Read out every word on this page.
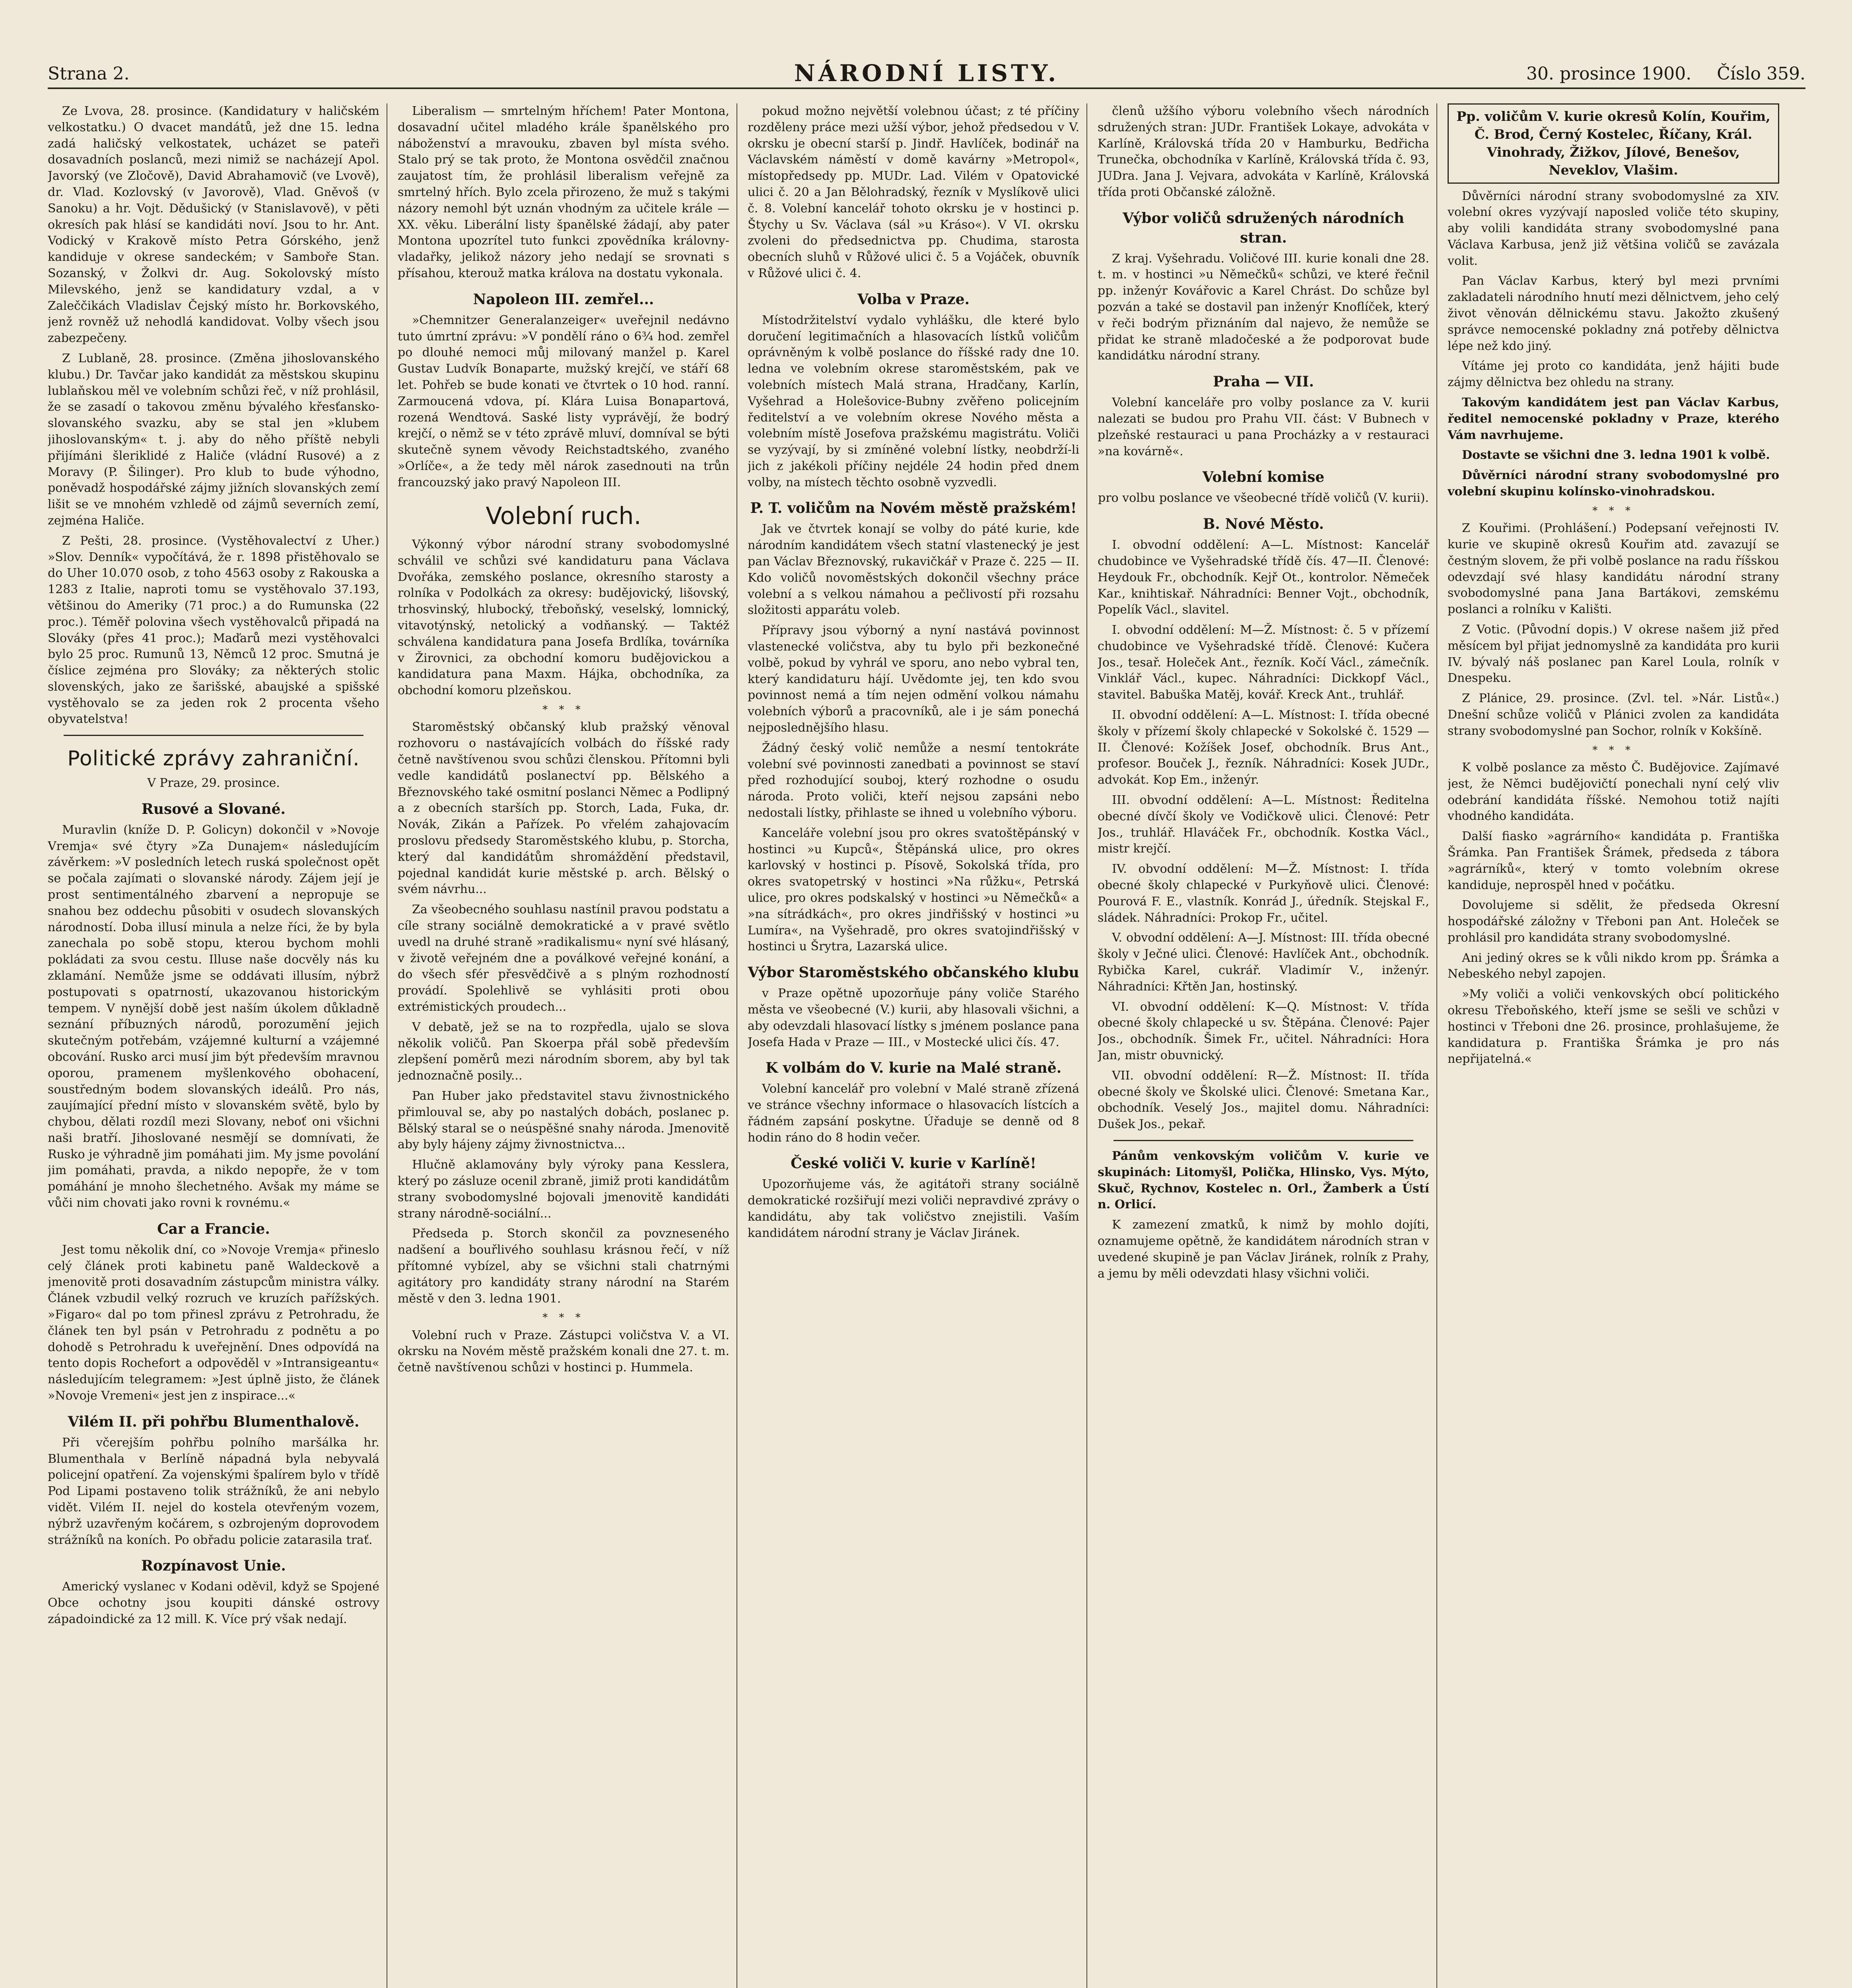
Strana 2.	NÁRODNÍ LISTY.	30. prosince 1900. Číslo 359.

Ze Lvova, 28. prosince. (Kandidatury v haličském velkostatku.) O dvacet mandátů, jež dne 15. ledna zadá haličský velkostatek, ucházet se pateři dosavadních poslanců, mezi nimiž se nacházejí Apol. Javorský (ve Zločově), David Abrahamovič (ve Lvově), dr. Vlad. Kozlovský (v Javorově), Vlad. Gněvoš (v Sanoku) a hr. Vojt. Dědušický (v Stanislavově), v pěti okresích pak hlásí se kandidáti noví. Jsou to hr. Ant. Vodický v Krakově místo Petra Górského, jenž kandiduje v okrese sandeckém; v Samboře Stan. Sozanský, v Žolkvi dr. Aug. Sokolovský místo Milevského, jenž se kandidatury vzdal, a v Zaleččikách Vladislav Čejský místo hr. Borkovského, jenž rovněž už nehodlá kandidovat. Volby všech jsou zabezpečeny.

Z Lublaně, 28. prosince. (Změna jihoslovanského klubu.) Dr. Tavčar jako kandidát za městskou skupinu lublaňskou měl ve volebním schůzi řeč, v níž prohlásil, že se zasadí o takovou změnu bývalého křesťansko-slovanského svazku, aby se stal jen »klubem jihoslovanským« t. j. aby do něho příště nebyli přijímáni šleriklidé z Haliče (vládní Rusové) a z Moravy (P. Šilinger). Pro klub to bude výhodno, poněvadž hospodářské zájmy jižních slovanských zemí lišit se ve mnohém vzhledě od zájmů severních zemí, zejména Haliče.

Z Pešti, 28. prosince. (Vystěhovalectví z Uher.) »Slov. Denník« vypočítává, že r. 1898 přistěhovalo se do Uher 10.070 osob, z toho 4563 osoby z Rakouska a 1283 z Italie, naproti tomu se vystěhovalo 37.193, většinou do Ameriky (71 proc.) a do Rumunska (22 proc.). Téměř polovina všech vystěhovalců připadá na Slováky (přes 41 proc.); Maďarů mezi vystěhovalci bylo 25 proc. Rumunů 13, Němců 12 proc. Smutná je číslice zejména pro Slováky; za některých stolic slovenských, jako ze šarišské, abaujské a spišské vystěhovalo se za jeden rok 2 procenta všeho obyvatelstva!

Politické zprávy zahraniční.
V Praze, 29. prosince.
Rusové a Slované.

Muravlin (kníže D. P. Golicyn) dokončil v »Novoje Vremja« své čtyry »Za Dunajem« následujícím závěrkem: »V posledních letech ruská společnost opět se počala zajímati o slovanské národy. Zájem její je prost sentimentálného zbarvení a nepropuje se snahou bez oddechu působiti v osudech slovanských národností. Doba illusí minula a nelze říci, že by byla zanechala po sobě stopu, kterou bychom mohli pokládati za svou cestu. Illuse naše docvěly nás ku zklamání. Nemůže jsme se oddávati illusím, nýbrž postupovati s opatrností, ukazovanou historickým tempem. V nynější době jest naším úkolem důkladně seznání příbuzných národů, porozumění jejich skutečným potřebám, vzájemné kulturní a vzájemné obcování. Rusko arci musí jim být především mravnou oporou, pramenem myšlenkového obohacení, soustředným bodem slovanských ideálů. Pro nás, zaujímající přední místo v slovanském světě, bylo by chybou, dělati rozdíl mezi Slovany, neboť oni všichni naši bratří. Jihoslované nesmějí se domnívati, že Rusko je výhradně jim pomáhati jim. My jsme povolání jim pomáhati, pravda, a nikdo nepopře, že v tom pomáhání je mnoho šlechetného. Avšak my máme se vůči nim chovati jako rovni k rovnému.«

Car a Francie.

Jest tomu několik dní, co »Novoje Vremja« přineslo celý článek proti kabinetu paně Waldeckově a jmenovitě proti dosavadním zástupcům ministra války. Článek vzbudil velký rozruch ve kruzích pařížských. »Figaro« dal po tom přinesl zprávu z Petrohradu, že článek ten byl psán v Petrohradu z podnětu a po dohodě s Petrohradu k uveřejnění. Dnes odpovídá na tento dopis Rochefort a odpověděl v »Intransigeantu« následujícím telegramem: »Jest úplně jisto, že článek »Novoje Vremeni« jest jen z inspirace...«

Vilém II. při pohřbu Blumenthalově.

Při včerejším pohřbu polního maršálka hr. Blumenthala v Berlíně nápadná byla nebyvalá policejní opatření. Za vojenskými špalírem bylo v třídě Pod Lipami postaveno tolik strážníků, že ani nebylo vidět. Vilém II. nejel do kostela otevřeným vozem, nýbrž uzavřeným kočárem, s ozbrojeným doprovodem strážníků na koních. Po obřadu policie zatarasila trať.

Rozpínavost Unie.

Americký vyslanec v Kodani oděvil, když se Spojené Obce ochotny jsou koupiti dánské ostrovy západoindické za 12 mill. K. Více prý však nedají.

Liberalism — smrtelným hříchem! Pater Montona, dosavadní učitel mladého krále španělského pro náboženství a mravouku, zbaven byl místa svého. Stalo prý se tak proto, že Montona osvědčil značnou zaujatost tím, že prohlásil liberalism veřejně za smrtelný hřích. Bylo zcela přirozeno, že muž s takými názory nemohl být uznán vhodným za učitele krále — XX. věku. Liberální listy španělské žádají, aby pater Montona upozrítel tuto funkci zpovědníka královny-vladařky, jelikož názory jeho nedají se srovnati s přísahou, kterouž matka králova na dostatu vykonala.

Napoleon III. zemřel...

»Chemnitzer Generalanzeiger« uveřejnil nedávno tuto úmrtní zprávu: »V pondělí ráno o 6¾ hod. zemřel po dlouhé nemoci můj milovaný manžel p. Karel Gustav Ludvík Bonaparte, mužský krejčí, ve stáří 68 let. Pohřeb se bude konati ve čtvrtek o 10 hod. ranní. Zarmoucená vdova, pí. Klára Luisa Bonapartová, rozená Wendtová. Saské listy vyprávějí, že bodrý krejčí, o němž se v této zprávě mluví, domníval se býti skutečně synem věvody Reichstadtského, zvaného »Orlíče«, a že tedy měl nárok zasednouti na trůn francouzský jako pravý Napoleon III.

Volební ruch.

Výkonný výbor národní strany svobodomyslné schválil ve schůzi své kandidaturu pana Václava Dvořáka, zemského poslance, okresního starosty a rolníka v Podolkách za okresy: budějovický, lišovský, trhosvinský, hlubocký, třeboňský, veselský, lomnický, vitavotýnský, netolický a vodňanský. — Taktéž schválena kandidatura pana Josefa Brdlíka, továrníka v Žirovnici, za obchodní komoru budějovickou a kandidatura pana Maxm. Hájka, obchodníka, za obchodní komoru plzeňskou.

* * *

Staroměstský občanský klub pražský věnoval rozhovoru o nastávajících volbách do říšské rady četně navštívenou svou schůzi členskou. Přítomni byli vedle kandidátů poslanectví pp. Bělského a Březnovského také osmitní poslanci Němec a Podlipný a z obecních starších pp. Storch, Lada, Fuka, dr. Novák, Zikán a Pařízek. Po vřelém zahajovacím proslovu předsedy Staroměstského klubu, p. Storcha, který dal kandidátům shromáždění představil, pojednal kandidát kurie městské p. arch. Bělský o svém návrhu...

Za všeobecného souhlasu nastínil pravou podstatu a cíle strany sociálně demokratické a v pravé světlo uvedl na druhé straně »radikalismu« nyní své hlásaný, v životě veřejném dne a poválkové veřejné konání, a do všech sfér přesvědčivě a s plným rozhodností provádí. Spolehlivě se vyhlásiti proti obou extrémistických proudech...

V debatě, jež se na to rozpředla, ujalo se slova několik voličů. Pan Skoerpa přál sobě především zlepšení poměrů mezi národním sborem, aby byl tak jednoznačně posily...

Pan Huber jako představitel stavu živnostnického přimlouval se, aby po nastalých dobách, poslanec p. Bělský staral se o neúspěšné snahy národa. Jmenovitě aby byly hájeny zájmy živnostnictva...

Hlučně aklamovány byly výroky pana Kesslera, který po zásluze ocenil zbraně, jimiž proti kandidátům strany svobodomyslné bojovali jmenovitě kandidáti strany národně-sociální...

Předseda p. Storch skončil za povzneseného nadšení a bouřlivého souhlasu krásnou řečí, v níž přítomné vybízel, aby se všichni stali chatrnými agitátory pro kandidáty strany národní na Starém městě v den 3. ledna 1901.

* * *

Volební ruch v Praze. Zástupci voličstva V. a VI. okrsku na Novém městě pražském konali dne 27. t. m. četně navštívenou schůzi v hostinci p. Hummela.

pokud možno největší volebnou účast; z té příčiny rozděleny práce mezi užší výbor, jehož předsedou v V. okrsku je obecní starší p. Jindř. Havlíček, bodinář na Václavském náměstí v domě kavárny »Metropol«, místopředsedy pp. MUDr. Lad. Vilém v Opatovické ulici č. 20 a Jan Bělohradský, řezník v Myslíkově ulici č. 8. Volební kancelář tohoto okrsku je v hostinci p. Štychy u Sv. Václava (sál »u Kráso«). V VI. okrsku zvoleni do předsednictva pp. Chudima, starosta obecních sluhů v Růžové ulici č. 5 a Vojáček, obuvník v Růžové ulici č. 4.

Volba v Praze.

Místodržitelství vydalo vyhlášku, dle které bylo doručení legitimačních a hlasovacích lístků voličům oprávněným k volbě poslance do říšské rady dne 10. ledna ve volebním okrese staroměstském, pak ve volebních místech Malá strana, Hradčany, Karlín, Vyšehrad a Holešovice-Bubny zvěřeno policejním ředitelství a ve volebním okrese Nového města a volebním místě Josefova pražskému magistrátu. Voliči se vyzývají, by si zmíněné volební lístky, neobdrží-li jich z jakékoli příčiny nejdéle 24 hodin před dnem volby, na místech těchto osobně vyzvedli.

P. T. voličům na Novém městě pražském!

Jak ve čtvrtek konají se volby do páté kurie, kde národním kandidátem všech statní vlastenecký je jest pan Václav Březnovský, rukavičkář v Praze č. 225 — II. Kdo voličů novoměstských dokončil všechny práce volební a s velkou námahou a pečlivostí při rozsahu složitosti apparátu voleb.

Přípravy jsou výborný a nyní nastává povinnost vlastenecké voličstva, aby tu bylo při bezkonečné volbě, pokud by vyhrál ve sporu, ano nebo vybral ten, který kandidaturu hájí. Uvědomte jej, ten kdo svou povinnost nemá a tím nejen odmění volkou námahu volebních výborů a pracovníků, ale i je sám ponechá nejposlednějšího hlasu.

Žádný český volič nemůže a nesmí tentokráte volební své povinnosti zanedbati a povinnost se staví před rozhodující souboj, který rozhodne o osudu národa. Proto voliči, kteří nejsou zapsáni nebo nedostali lístky, přihlaste se ihned u volebního výboru.

Kanceláře volební jsou pro okres svatoštěpánský v hostinci »u Kupců«, Štěpánská ulice, pro okres karlovský v hostinci p. Písově, Sokolská třída, pro okres svatopetrský v hostinci »Na růžku«, Petrská ulice, pro okres podskalský v hostinci »u Němečků« a »na sítrádkách«, pro okres jindřišský v hostinci »u Lumíra«, na Vyšehradě, pro okres svatojindřišský v hostinci u Šrytra, Lazarská ulice.

Výbor Staroměstského občanského klubu

v Praze opětně upozorňuje pány voliče Starého města ve všeobecné (V.) kurii, aby hlasovali všichni, a aby odevzdali hlasovací lístky s jménem poslance pana Josefa Hada v Praze — III., v Mostecké ulici čís. 47.

K volbám do V. kurie na Malé straně.

Volební kancelář pro volební v Malé straně zřízená ve stránce všechny informace o hlasovacích lístcích a řádném zapsání poskytne. Úřaduje se denně od 8 hodin ráno do 8 hodin večer.

České voliči V. kurie v Karlíně!

Upozorňujeme vás, že agitátoři strany sociálně demokratické rozšiřují mezi voliči nepravdivé zprávy o kandidátu, aby tak voličstvo znejistili. Vaším kandidátem národní strany je Václav Jiránek.

členů užšího výboru volebního všech národních sdružených stran: JUDr. František Lokaye, advokáta v Karlíně, Královská třída 20 v Hamburku, Bedřicha Trunečka, obchodníka v Karlíně, Královská třída č. 93, JUDra. Jana J. Vejvara, advokáta v Karlíně, Královská třída proti Občanské záložně.

Výbor voličů sdružených národních stran.

Z kraj. Vyšehradu. Voličové III. kurie konali dne 28. t. m. v hostinci »u Němečků« schůzi, ve které řečnil pp. inženýr Kovářovic a Karel Chrást. Do schůze byl pozván a také se dostavil pan inženýr Knoflíček, který v řeči bodrým přiznáním dal najevo, že nemůže se přidat ke straně mladočeské a že podporovat bude kandidátku národní strany.

Praha — VII.

Volební kanceláře pro volby poslance za V. kurii nalezati se budou pro Prahu VII. část: V Bubnech v plzeňské restauraci u pana Procházky a v restauraci »na kovárně«.

Volební komise
pro volbu poslance ve všeobecné třídě voličů (V. kurii).
B. Nové Město.

I. obvodní oddělení: A—L. Místnost: Kancelář chudobince ve Vyšehradské třídě čís. 47—II. Členové: Heydouk Fr., obchodník. Kejř Ot., kontrolor. Němeček Kar., knihtiskař. Náhradníci: Benner Vojt., obchodník, Popelík Václ., slavitel.

I. obvodní oddělení: M—Ž. Místnost: č. 5 v přízemí chudobince ve Vyšehradské třídě. Členové: Kučera Jos., tesař. Holeček Ant., řezník. Kočí Václ., zámečník. Vinklář Václ., kupec. Náhradníci: Dickkopf Václ., stavitel. Babuška Matěj, kovář. Kreck Ant., truhlář.

II. obvodní oddělení: A—L. Místnost: I. třída obecné školy v přízemí školy chlapecké v Sokolské č. 1529 — II. Členové: Kožíšek Josef, obchodník. Brus Ant., profesor. Bouček J., řezník. Náhradníci: Kosek JUDr., advokát. Kop Em., inženýr.

III. obvodní oddělení: A—L. Místnost: Ředitelna obecné dívčí školy ve Vodičkově ulici. Členové: Petr Jos., truhlář. Hlaváček Fr., obchodník. Kostka Václ., mistr krejčí.

IV. obvodní oddělení: M—Ž. Místnost: I. třída obecné školy chlapecké v Purkyňově ulici. Členové: Pourová F. E., vlastník. Konrád J., úředník. Stejskal F., sládek. Náhradníci: Prokop Fr., učitel.

V. obvodní oddělení: A—J. Místnost: III. třída obecné školy v Ječné ulici. Členové: Havlíček Ant., obchodník. Rybička Karel, cukrář. Vladimír V., inženýr. Náhradníci: Křtěn Jan, hostinský.

VI. obvodní oddělení: K—Q. Místnost: V. třída obecné školy chlapecké u sv. Štěpána. Členové: Pajer Jos., obchodník. Šimek Fr., učitel. Náhradníci: Hora Jan, mistr obuvnický.

VII. obvodní oddělení: R—Ž. Místnost: II. třída obecné školy ve Školské ulici. Členové: Smetana Kar., obchodník. Veselý Jos., majitel domu. Náhradníci: Dušek Jos., pekař.

Pánům venkovským voličům V. kurie ve skupinách: Litomyšl, Polička, Hlinsko, Vys. Mýto, Skuč, Rychnov, Kostelec n. Orl., Žamberk a Ústí n. Orlicí.

K zamezení zmatků, k nimž by mohlo dojíti, oznamujeme opětně, že kandidátem národních stran v uvedené skupině je pan Václav Jiránek, rolník z Prahy, a jemu by měli odevzdati hlasy všichni voliči.

Pp. voličům V. kurie okresů Kolín, Kouřim, Č. Brod, Černý Kostelec, Říčany, Král. Vinohrady, Žižkov, Jílové, Benešov, Neveklov, Vlašim.

Důvěrníci národní strany svobodomyslné za XIV. volební okres vyzývají naposled voliče této skupiny, aby volili kandidáta strany svobodomyslné pana Václava Karbusa, jenž již většina voličů se zavázala volit.

Pan Václav Karbus, který byl mezi prvními zakladateli národního hnutí mezi dělnictvem, jeho celý život věnován dělnickému stavu. Jakožto zkušený správce nemocenské pokladny zná potřeby dělnictva lépe než kdo jiný.

Vítáme jej proto co kandidáta, jenž hájiti bude zájmy dělnictva bez ohledu na strany.

Takovým kandidátem jest pan Václav Karbus, ředitel nemocenské pokladny v Praze, kterého Vám navrhujeme.

Dostavte se všichni dne 3. ledna 1901 k volbě.

Důvěrníci národní strany svobodomyslné pro volební skupinu kolínsko-vinohradskou.

* * *

Z Kouřimi. (Prohlášení.) Podepsaní veřejnosti IV. kurie ve skupině okresů Kouřim atd. zavazují se čestným slovem, že při volbě poslance na radu říšskou odevzdají své hlasy kandidátu národní strany svobodomyslné pana Jana Bartákovi, zemskému poslanci a rolníku v Kališti.

Z Votic. (Původní dopis.) V okrese našem již před měsícem byl přijat jednomyslně za kandidáta pro kurii IV. bývalý náš poslanec pan Karel Loula, rolník v Dnespeku.

Z Plánice, 29. prosince. (Zvl. tel. »Nár. Listů«.) Dnešní schůze voličů v Plánici zvolen za kandidáta strany svobodomyslné pan Sochor, rolník v Kokšíně.

* * *

K volbě poslance za město Č. Budějovice. Zajímavé jest, že Němci budějovičtí ponechali nyní celý vliv odebrání kandidáta říšské. Nemohou totiž najíti vhodného kandidáta.

Další fiasko »agrárního« kandidáta p. Františka Šrámka. Pan František Šrámek, předseda z tábora »agrárníků«, který v tomto volebním okrese kandiduje, neprospěl hned v počátku.

Dovolujeme si sdělit, že předseda Okresní hospodářské záložny v Třeboni pan Ant. Holeček se prohlásil pro kandidáta strany svobodomyslné.

Ani jediný okres se k vůli nikdo krom pp. Šrámka a Nebeského nebyl zapojen.

»My voliči a voliči venkovských obcí politického okresu Třeboňského, kteří jsme se sešli ve schůzi v hostinci v Třeboni dne 26. prosince, prohlašujeme, že kandidatura p. Františka Šrámka je pro nás nepřijatelná.«
